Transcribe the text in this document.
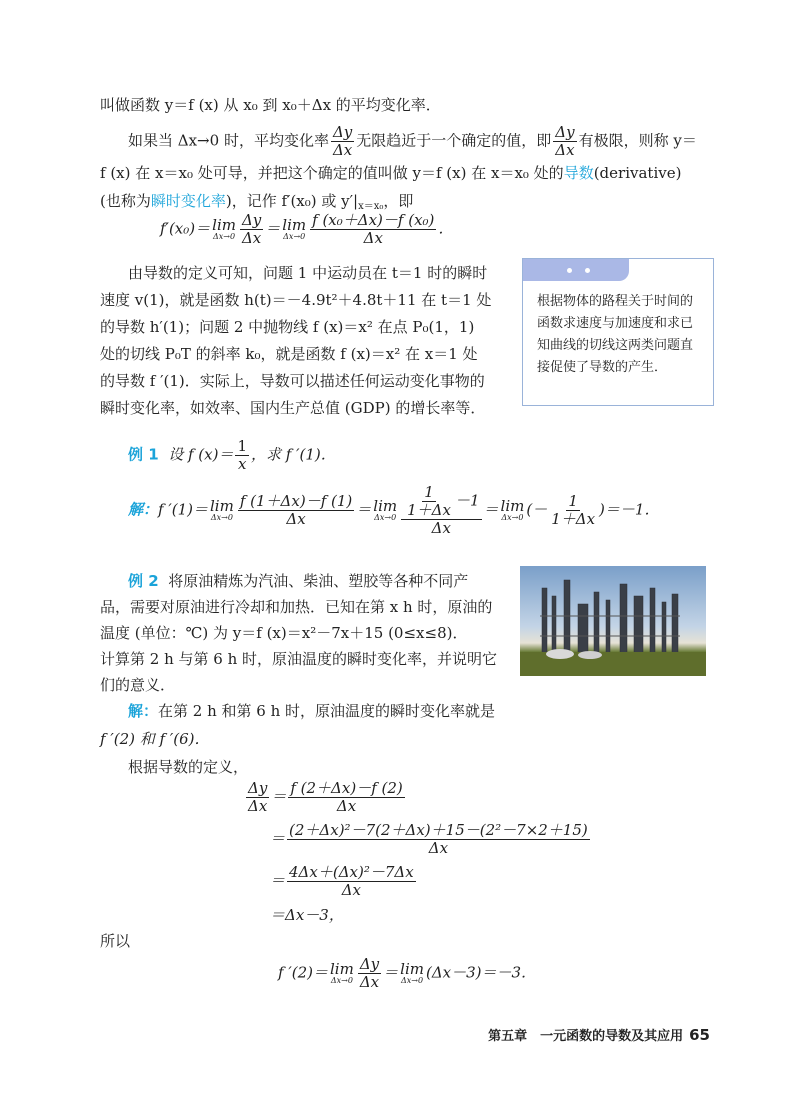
叫做函数 y＝f (x) 从 x₀ 到 x₀＋Δx 的平均变化率．
如果当 Δx→0 时，平均变化率 $\frac{\Delta y}{\Delta x}$ 无限趋近于一个确定的值，即 $\frac{\Delta y}{\Delta x}$ 有极限，则称 y＝
f (x) 在 x＝x₀ 处可导，并把这个确定的值叫做 y＝f (x) 在 x＝x₀ 处的导数(derivative)
(也称为瞬时变化率)，记作 f′(x₀) 或 $y'|_{x=x_0}$，即
f′(x₀)＝ lim
$\Delta x\to 0 \frac{\Delta y}{\Delta x} = \lim$
$\Delta x\to 0 \frac{\text{f (x₀＋Δx)－f (x₀)}}{\Delta x}$ ．
由导数的定义可知，问题 1 中运动员在 t＝1 时的瞬时
速度 v(1)，就是函数 h(t)＝－4.9t²＋4.8t＋11 在 t＝1 处
的导数 h′(1)；问题 2 中抛物线 f (x)＝x² 在点 P₀(1，1)
处的切线 P₀T 的斜率 k₀，就是函数 f (x)＝x² 在 x＝1 处
的导数 f ′(1)．实际上，导数可以描述任何运动变化事物的
瞬时变化率，如效率、国内生产总值 (GDP) 的增长率等．
根据物体的路程关于时间的函数求速度与加速度和求已知曲线的切线这两类问题直接促使了导数的产生．
例 1 设 f $(x)= \frac{1}{x}$ ，求 f ′(1)．
解：f ′(1)＝ lim
$\Delta x\to 0 \frac{f (1+\Delta x)-f (1)}{\Delta x} = \lim$
$\Delta x\to 0 \frac{\frac{1}{1+\Delta x} -1}{\Delta x} = \lim$
Δx→0 (－ $\frac{1}{1+\Delta x} )=-1$．
例 2 将原油精炼为汽油、柴油、塑胶等各种不同产
品，需要对原油进行冷却和加热．已知在第 x h 时，原油的
温度 (单位：℃) 为 y＝f (x)＝x²－7x＋15 (0≤x≤8)．
计算第 2 h 与第 6 h 时，原油温度的瞬时变化率，并说明它
们的意义．
解：在第 2 h 和第 6 h 时，原油温度的瞬时变化率就是
f ′(2) 和 f ′(6)．
根据导数的定义，
$\frac{\Delta y}{\Delta x} = \frac{f (2+\Delta x)-f (2)}{\Delta x}$
＝ $\frac{\text{(2＋Δx)²－7(2＋Δx)＋15－(2²－7×2＋15)}}{\Delta x}$
＝ $\frac{\text{4Δx＋(Δx)²－7Δx}}{\Delta x}$
＝Δx－3，
所以
f ′(2)＝ lim
$\Delta x\to 0 \frac{\Delta y}{\Delta x} = \lim$
Δx→0 (Δx－3)＝－3．
第五章　一元函数的导数及其应用 65
